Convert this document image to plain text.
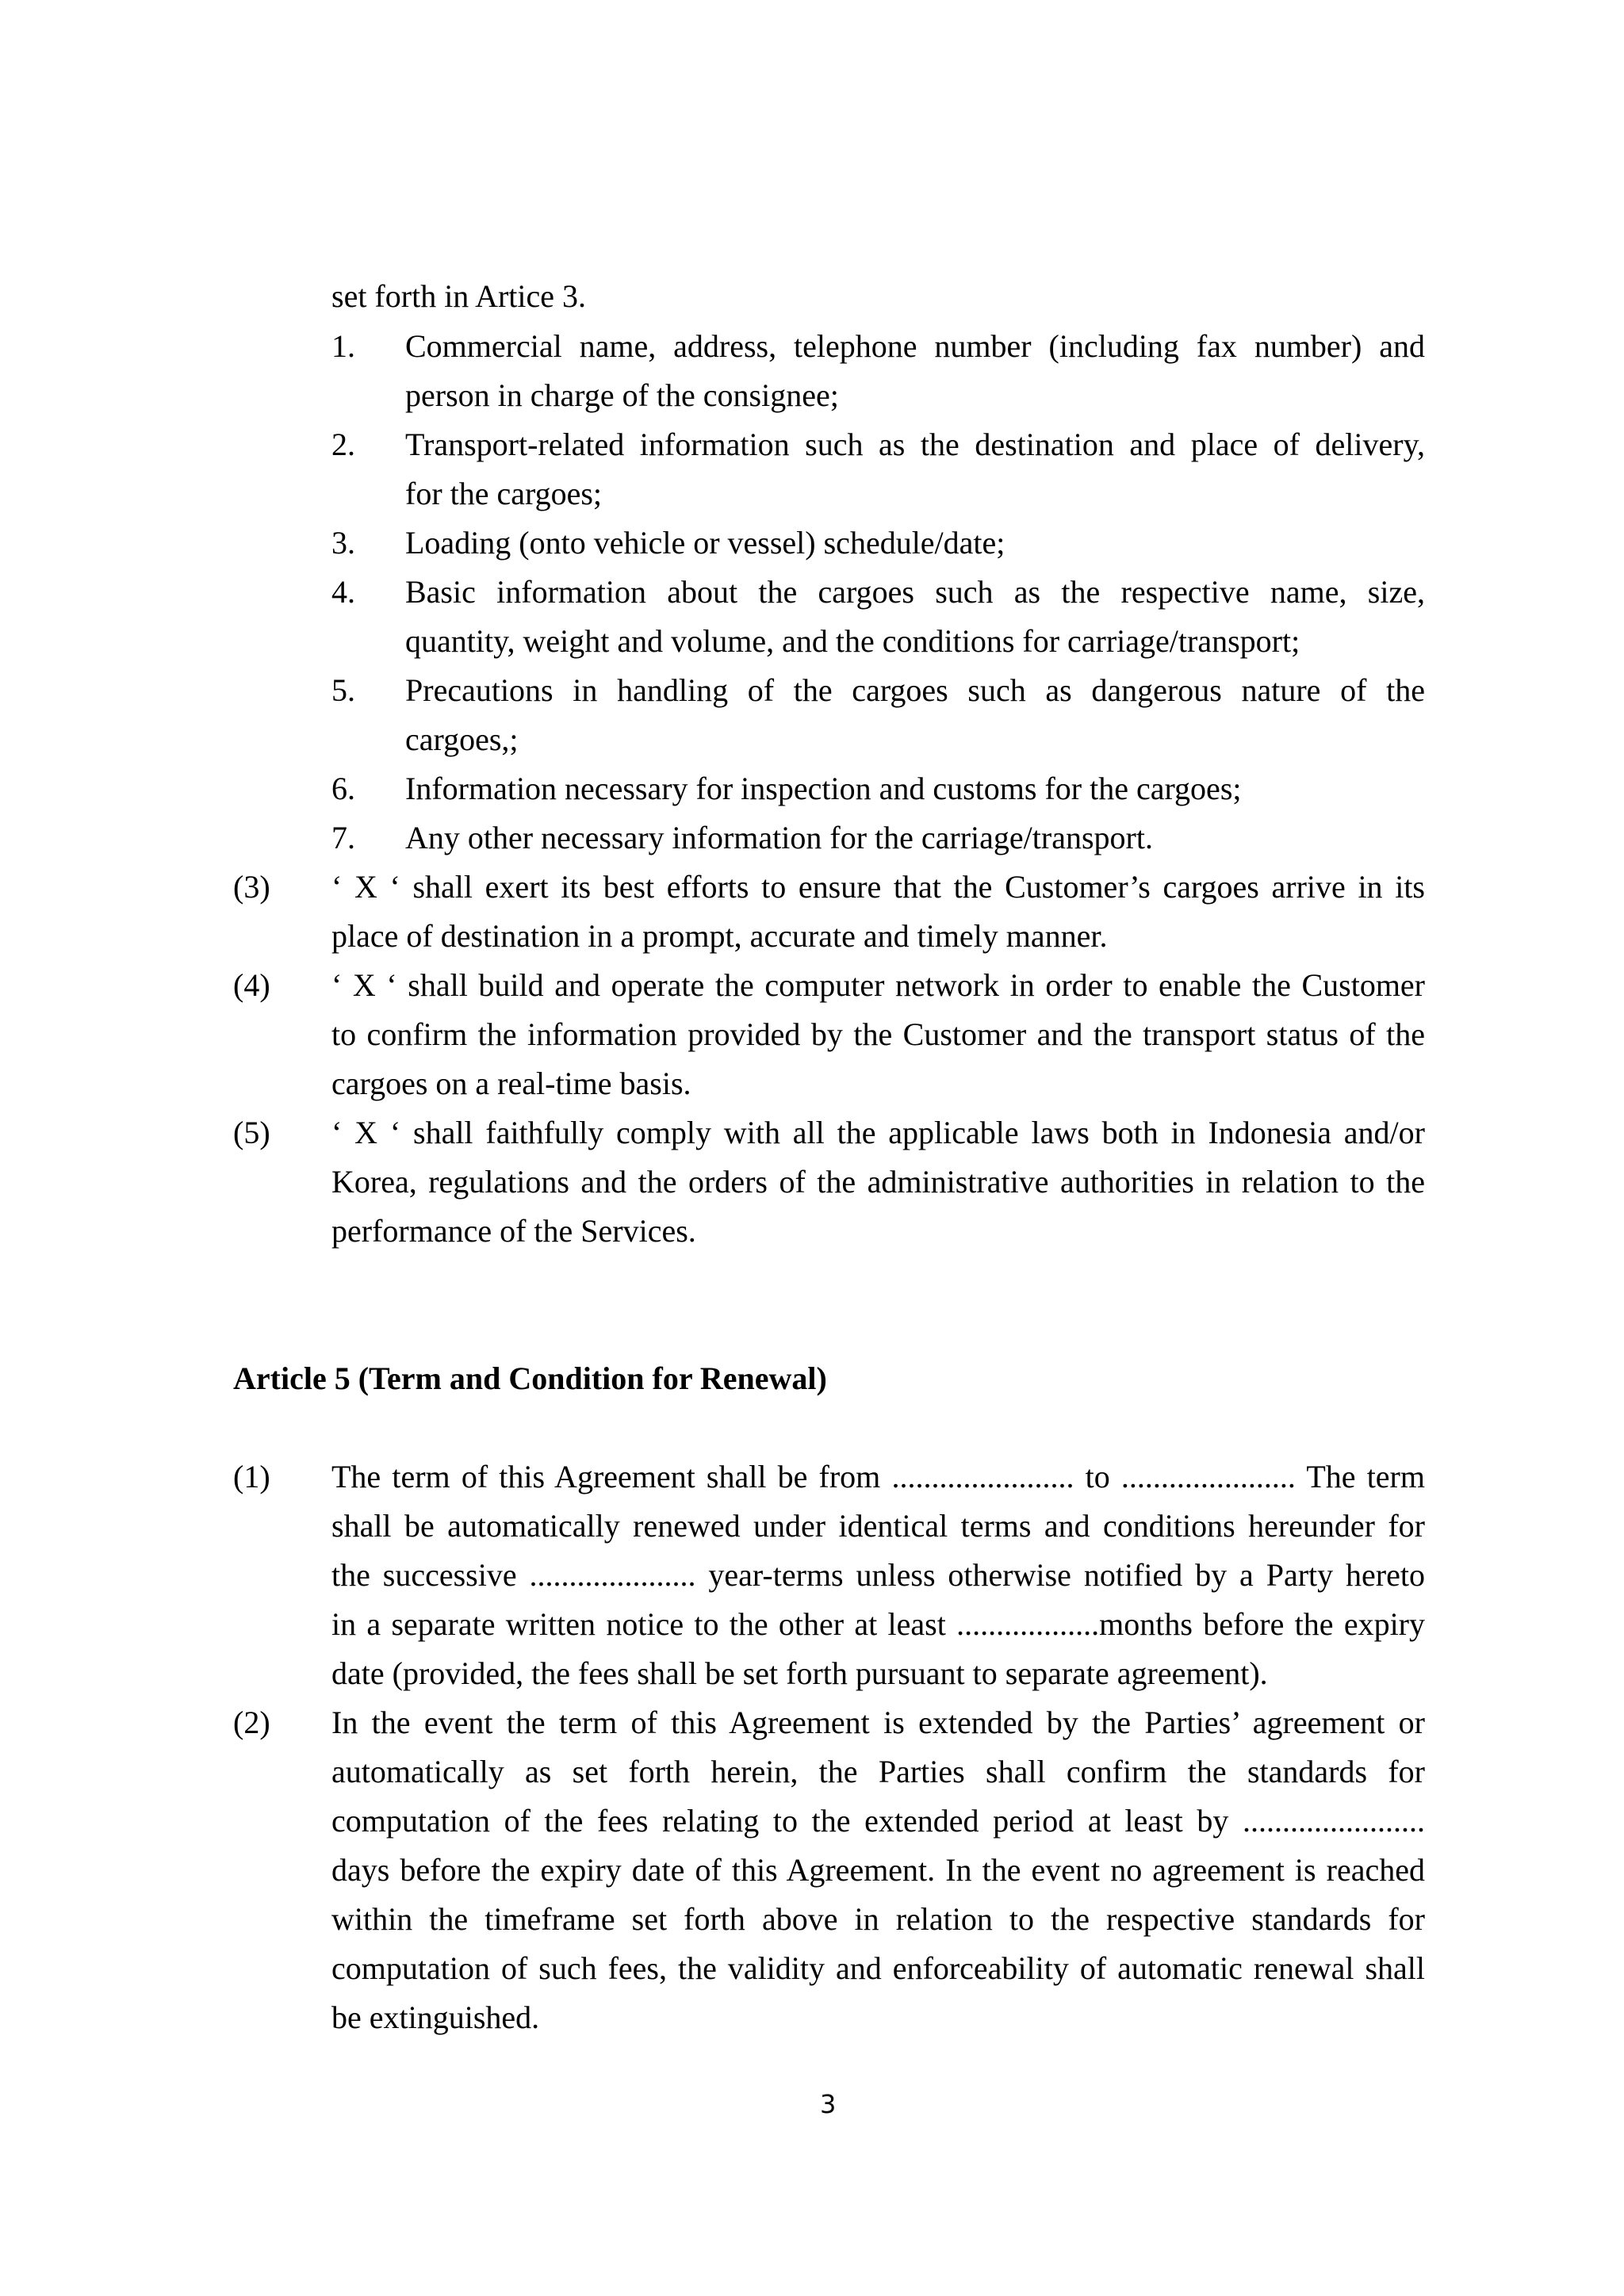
set forth in Artice 3.
1. Commercial name, address, telephone number (including fax number) and
person in charge of the consignee;
2. Transport-related information such as the destination and place of delivery,
for the cargoes;
3. Loading (onto vehicle or vessel) schedule/date;
4. Basic information about the cargoes such as the respective name, size,
quantity, weight and volume, and the conditions for carriage/transport;
5. Precautions in handling of the cargoes such as dangerous nature of the
cargoes,;
6. Information necessary for inspection and customs for the cargoes;
7. Any other necessary information for the carriage/transport.
(3) ‘ X ‘ shall exert its best efforts to ensure that the Customer’s cargoes arrive in its
place of destination in a prompt, accurate and timely manner.
(4) ‘ X ‘ shall build and operate the computer network in order to enable the Customer
to confirm the information provided by the Customer and the transport status of the
cargoes on a real-time basis.
(5) ‘ X ‘ shall faithfully comply with all the applicable laws both in Indonesia and/or
Korea, regulations and the orders of the administrative authorities in relation to the
performance of the Services.
Article 5 (Term and Condition for Renewal)
(1) The term of this Agreement shall be from ....................... to ...................... The term
shall be automatically renewed under identical terms and conditions hereunder for
the successive ..................... year-terms unless otherwise notified by a Party hereto
in a separate written notice to the other at least ..................months before the expiry
date (provided, the fees shall be set forth pursuant to separate agreement).
(2) In the event the term of this Agreement is extended by the Parties’ agreement or
automatically as set forth herein, the Parties shall confirm the standards for
computation of the fees relating to the extended period at least by .......................
days before the expiry date of this Agreement. In the event no agreement is reached
within the timeframe set forth above in relation to the respective standards for
computation of such fees, the validity and enforceability of automatic renewal shall
be extinguished.
3
